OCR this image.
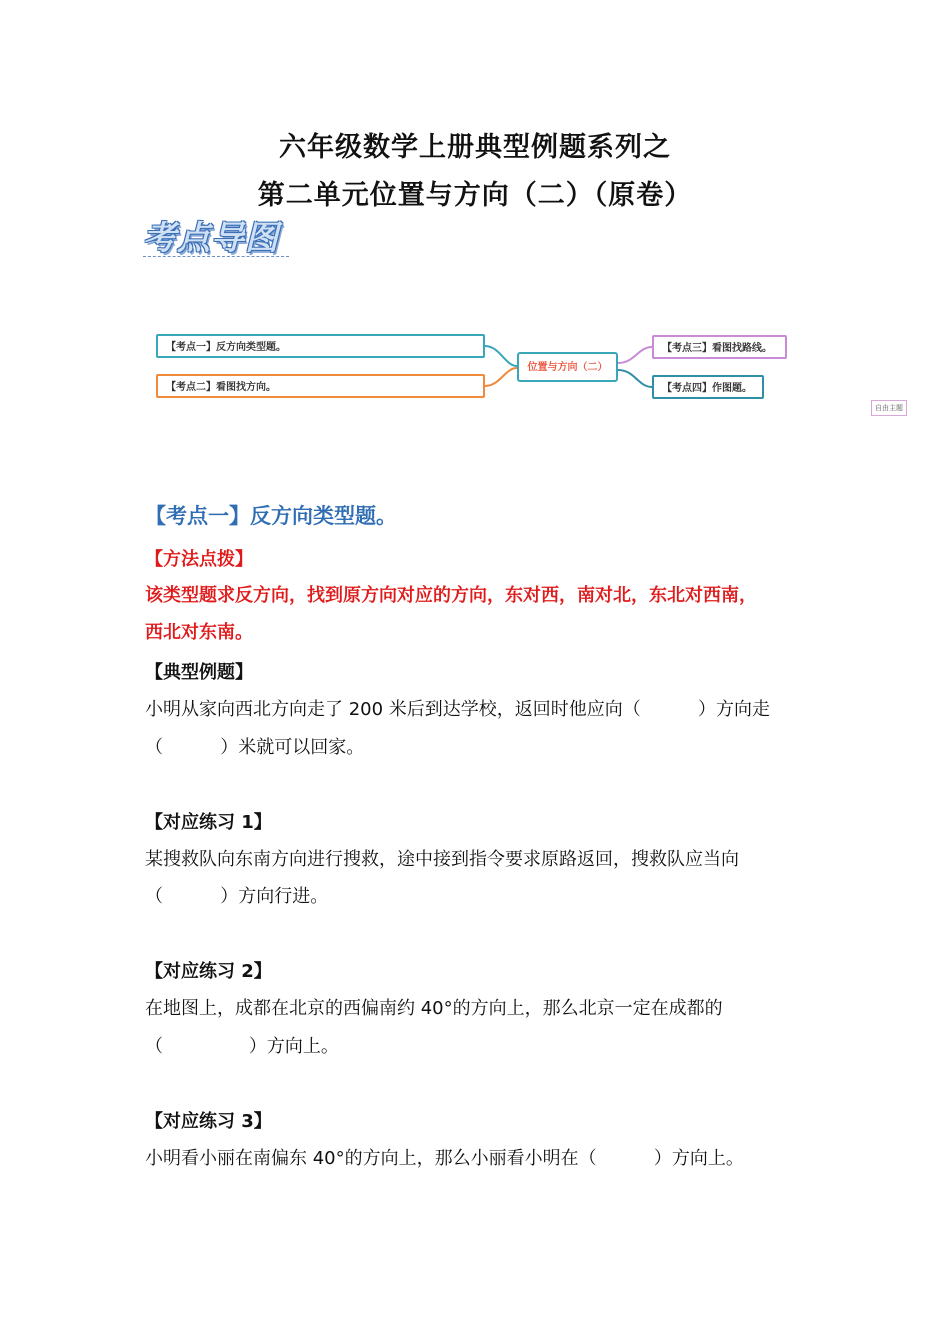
六年级数学上册典型例题系列之
第二单元位置与方向（二）（原卷）
考点导图
【考点一】反方向类型题。
【考点二】看图找方向。
位置与方向（二）
【考点三】看图找路线。
【考点四】作图题。
自由主题
【考点一】反方向类型题。
【方法点拨】
该类型题求反方向，找到原方向对应的方向，东对西，南对北，东北对西南，
西北对东南。
【典型例题】
小明从家向西北方向走了 200 米后到达学校，返回时他应向（          ）方向走
（          ）米就可以回家。
【对应练习 1】
某搜救队向东南方向进行搜救，途中接到指令要求原路返回，搜救队应当向
（          ）方向行进。
【对应练习 2】
在地图上，成都在北京的西偏南约 40°的方向上，那么北京一定在成都的
（               ）方向上。
【对应练习 3】
小明看小丽在南偏东 40°的方向上，那么小丽看小明在（          ）方向上。
